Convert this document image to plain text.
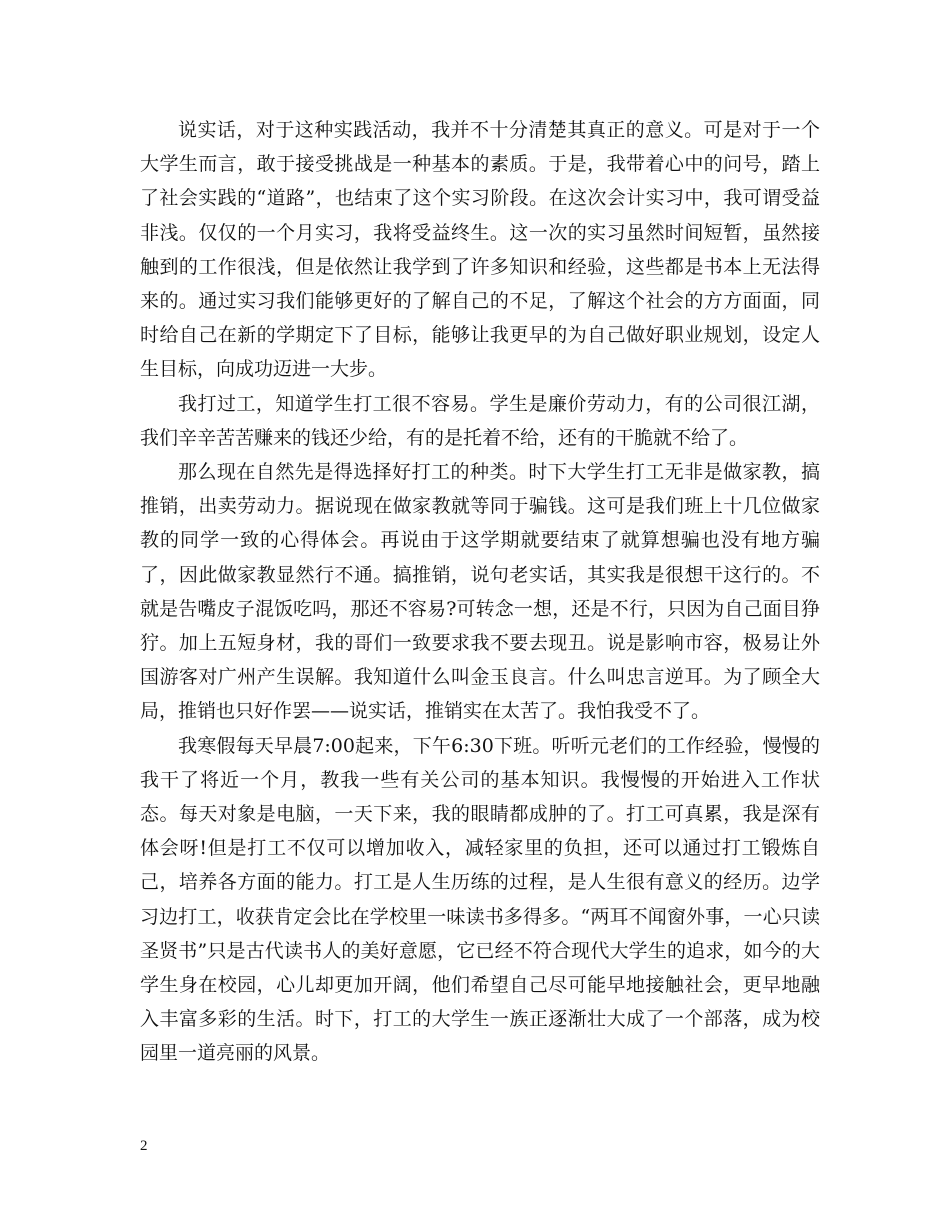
说实话，对于这种实践活动，我并不十分清楚其真正的意义。可是对于一个大学生而言，敢于接受挑战是一种基本的素质。于是，我带着心中的问号，踏上了社会实践的“道路”，也结束了这个实习阶段。在这次会计实习中，我可谓受益非浅。仅仅的一个月实习，我将受益终生。这一次的实习虽然时间短暂，虽然接触到的工作很浅，但是依然让我学到了许多知识和经验，这些都是书本上无法得来的。通过实习我们能够更好的了解自己的不足，了解这个社会的方方面面，同时给自己在新的学期定下了目标，能够让我更早的为自己做好职业规划，设定人生目标，向成功迈进一大步。

我打过工，知道学生打工很不容易。学生是廉价劳动力，有的公司很江湖，我们辛辛苦苦赚来的钱还少给，有的是托着不给，还有的干脆就不给了。

那么现在自然先是得选择好打工的种类。时下大学生打工无非是做家教，搞推销，出卖劳动力。据说现在做家教就等同于骗钱。这可是我们班上十几位做家教的同学一致的心得体会。再说由于这学期就要结束了就算想骗也没有地方骗了，因此做家教显然行不通。搞推销，说句老实话，其实我是很想干这行的。不就是告嘴皮子混饭吃吗，那还不容易?可转念一想，还是不行，只因为自己面目狰狞。加上五短身材，我的哥们一致要求我不要去现丑。说是影响市容，极易让外国游客对广州产生误解。我知道什么叫金玉良言。什么叫忠言逆耳。为了顾全大局，推销也只好作罢——说实话，推销实在太苦了。我怕我受不了。

我寒假每天早晨7:00起来，下午6:30下班。听听元老们的工作经验，慢慢的我干了将近一个月，教我一些有关公司的基本知识。我慢慢的开始进入工作状态。每天对象是电脑，一天下来，我的眼睛都成肿的了。打工可真累，我是深有体会呀!但是打工不仅可以增加收入，减轻家里的负担，还可以通过打工锻炼自己，培养各方面的能力。打工是人生历练的过程，是人生很有意义的经历。边学习边打工，收获肯定会比在学校里一味读书多得多。“两耳不闻窗外事，一心只读圣贤书”只是古代读书人的美好意愿，它已经不符合现代大学生的追求，如今的大学生身在校园，心儿却更加开阔，他们希望自己尽可能早地接触社会，更早地融入丰富多彩的生活。时下，打工的大学生一族正逐渐壮大成了一个部落，成为校园里一道亮丽的风景。

2
